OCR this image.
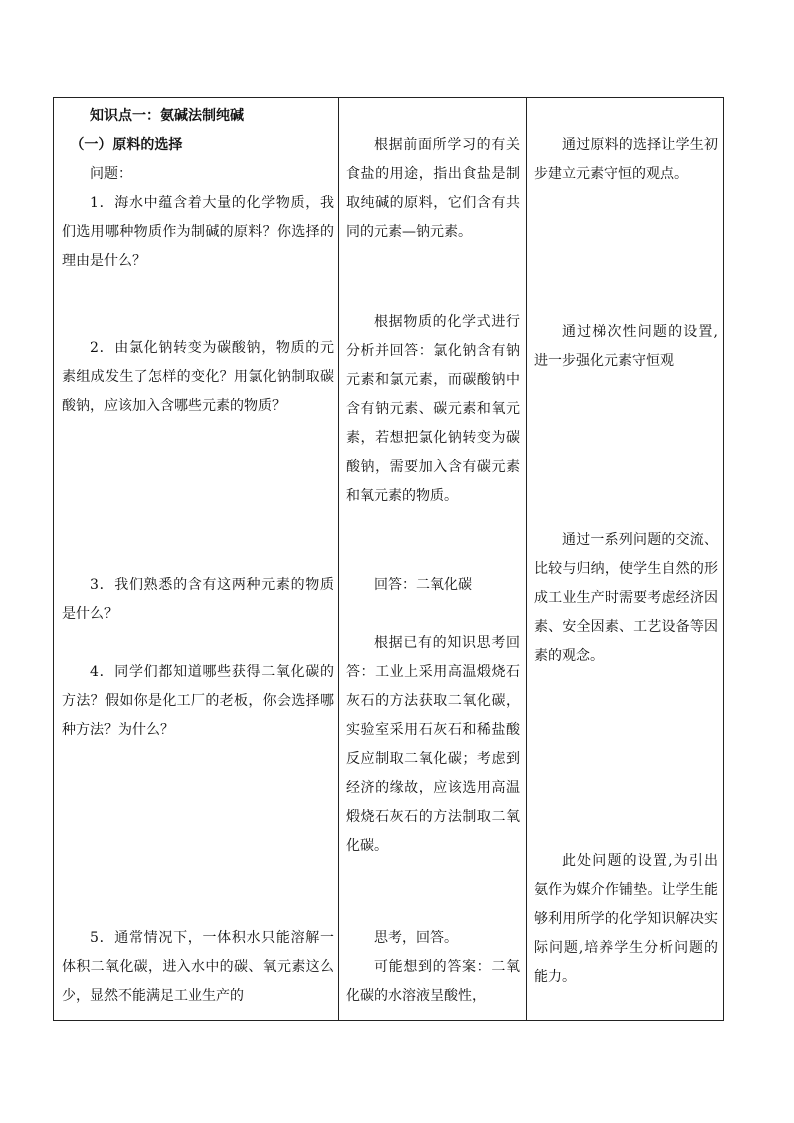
知识点一：氨碱法制纯碱

（一）原料的选择

问题：

1．海水中蕴含着大量的化学物质，我们选用哪种物质作为制碱的原料？你选择的理由是什么？

2．由氯化钠转变为碳酸钠，物质的元素组成发生了怎样的变化？用氯化钠制取碳酸钠，应该加入含哪些元素的物质？

3．我们熟悉的含有这两种元素的物质是什么？

4．同学们都知道哪些获得二氧化碳的方法？假如你是化工厂的老板，你会选择哪种方法？为什么？

5．通常情况下，一体积水只能溶解一体积二氧化碳，进入水中的碳、氧元素这么少，显然不能满足工业生产的

根据前面所学习的有关食盐的用途，指出食盐是制取纯碱的原料，它们含有共同的元素—钠元素。

根据物质的化学式进行分析并回答：氯化钠含有钠元素和氯元素，而碳酸钠中含有钠元素、碳元素和氧元素，若想把氯化钠转变为碳酸钠，需要加入含有碳元素和氧元素的物质。

回答：二氧化碳

根据已有的知识思考回答：工业上采用高温煅烧石灰石的方法获取二氧化碳，实验室采用石灰石和稀盐酸反应制取二氧化碳；考虑到经济的缘故，应该选用高温煅烧石灰石的方法制取二氧化碳。

思考，回答。

可能想到的答案：二氧化碳的水溶液呈酸性，

通过原料的选择让学生初步建立元素守恒的观点。

通过梯次性问题的设置,进一步强化元素守恒观

通过一系列问题的交流、比较与归纳，使学生自然的形成工业生产时需要考虑经济因素、安全因素、工艺设备等因素的观念。

此处问题的设置,为引出氨作为媒介作铺垫。让学生能够利用所学的化学知识解决实际问题,培养学生分析问题的能力。
